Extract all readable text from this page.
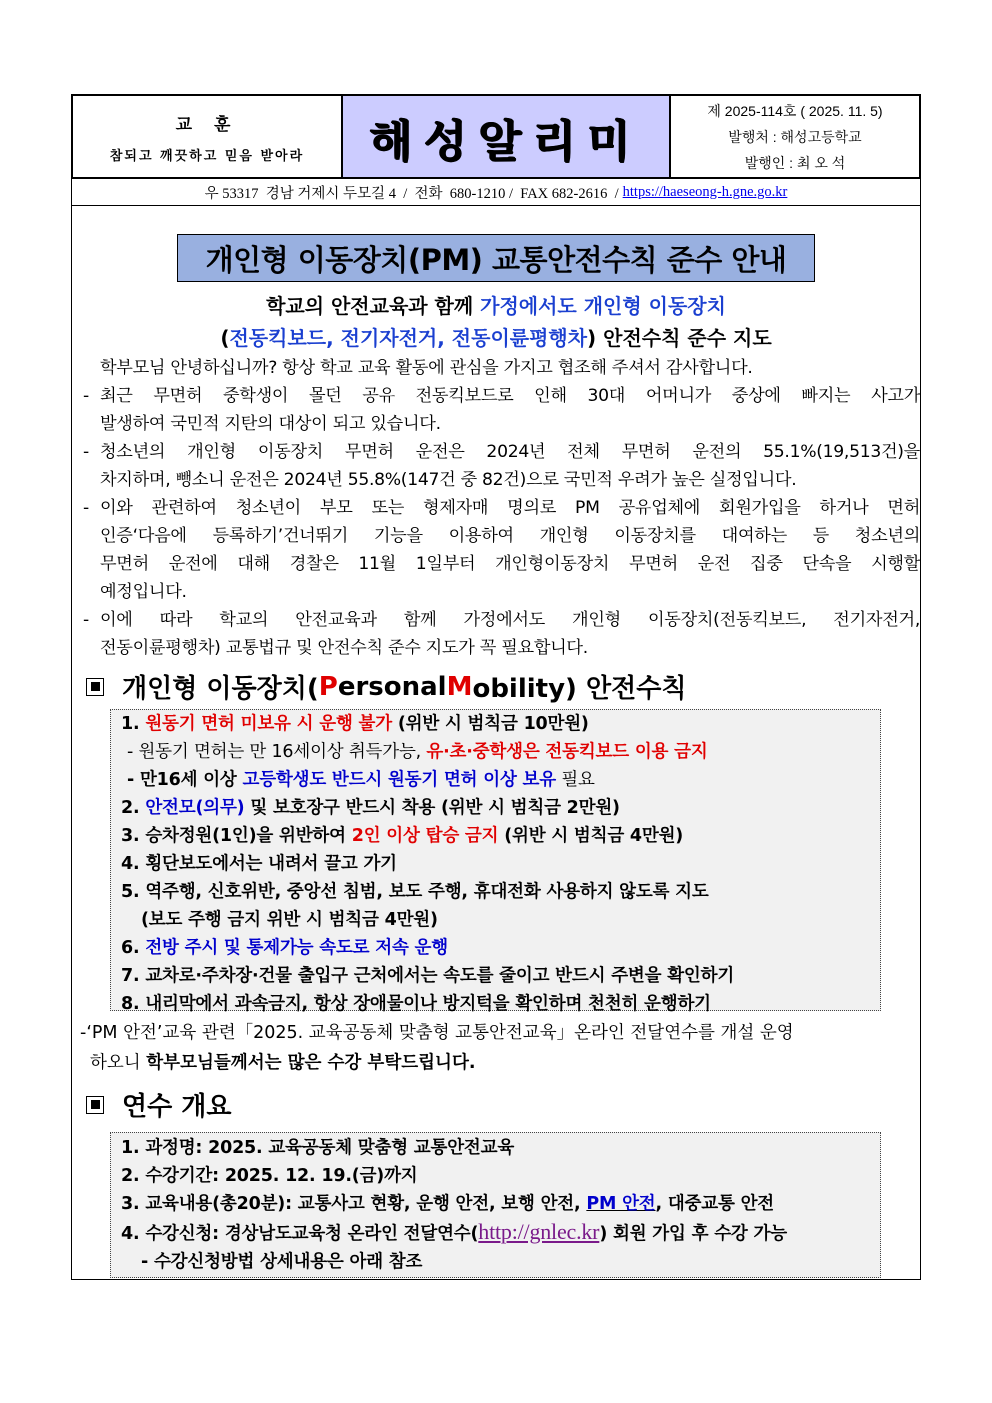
교 훈
참되고 깨끗하고 믿음 받아라	해성알리미
제 2025-114호 ( 2025. 11. 5)
발행처 : 해성고등학교
발행인 : 최 오 석
우 53317  경남 거제시 두모길 4  /  전화  680-1210 /  FAX 682-2616  / https://haeseong-h.gne.go.kr
개인형 이동장치(PM) 교통안전수칙 준수 안내
학교의 안전교육과 함께 가정에서도 개인형 이동장치
(전동킥보드, 전기자전거, 전동이륜평행차) 안전수칙 준수 지도

학부모님 안녕하십니까? 항상 학교 교육 활동에 관심을 가지고 협조해 주셔서 감사합니다.

- 최근 무면허 중학생이 몰던 공유 전동킥보드로 인해 30대 어머니가 중상에 빠지는 사고가
발생하여 국민적 지탄의 대상이 되고 있습니다.
- 청소년의 개인형 이동장치 무면허 운전은 2024년 전체 무면허 운전의 55.1%(19,513건)을
차지하며, 뺑소니 운전은 2024년 55.8%(147건 중 82건)으로 국민적 우려가 높은 실정입니다.
- 이와 관련하여 청소년이 부모 또는 형제자매 명의로 PM 공유업체에 회원가입을 하거나 면허
인증‘다음에 등록하기’건너뛰기 기능을 이용하여 개인형 이동장치를 대여하는 등 청소년의
무면허 운전에 대해 경찰은 11월 1일부터 개인형이동장치 무면허 운전 집중 단속을 시행할
예정입니다.
- 이에 따라 학교의 안전교육과 함께 가정에서도 개인형 이동장치(전동킥보드, 전기자전거,
전동이륜평행차) 교통법규 및 안전수칙 준수 지도가 꼭 필요합니다.
개인형 이동장치( P ersonal M obility) 안전수칙
1. 원동기 면허 미보유 시 운행 불가 (위반 시 범칙금 10만원)
- 원동기 면허는 만 16세이상 취득가능, 유·초·중학생은 전동킥보드 이용 금지
- 만16세 이상 고등학생도 반드시 원동기 면허 이상 보유 필요
2. 안전모(의무) 및 보호장구 반드시 착용 (위반 시 범칙금 2만원)
3. 승차정원(1인)을 위반하여 2인 이상 탑승 금지 (위반 시 범칙금 4만원)
4. 횡단보도에서는 내려서 끌고 가기
5. 역주행, 신호위반, 중앙선 침범, 보도 주행, 휴대전화 사용하지 않도록 지도
(보도 주행 금지 위반 시 범칙금 4만원)
6. 전방 주시 및 통제가능 속도로 저속 운행
7. 교차로·주차장·건물 출입구 근처에서는 속도를 줄이고 반드시 주변을 확인하기
8. 내리막에서 과속금지, 항상 장애물이나 방지턱을 확인하며 천천히 운행하기
-‘PM 안전’교육 관련「2025. 교육공동체 맞춤형 교통안전교육」온라인 전달연수를 개설 운영
하오니 학부모님들께서는 많은 수강 부탁드립니다.
연수 개요
1. 과정명: 2025. 교육공동체 맞춤형 교통안전교육
2. 수강기간: 2025. 12. 19.(금)까지
3. 교육내용(총20분): 교통사고 현황, 운행 안전, 보행 안전, PM 안전, 대중교통 안전
4. 수강신청: 경상남도교육청 온라인 전달연수(http://gnlec.kr) 회원 가입 후 수강 가능
- 수강신청방법 상세내용은 아래 참조
